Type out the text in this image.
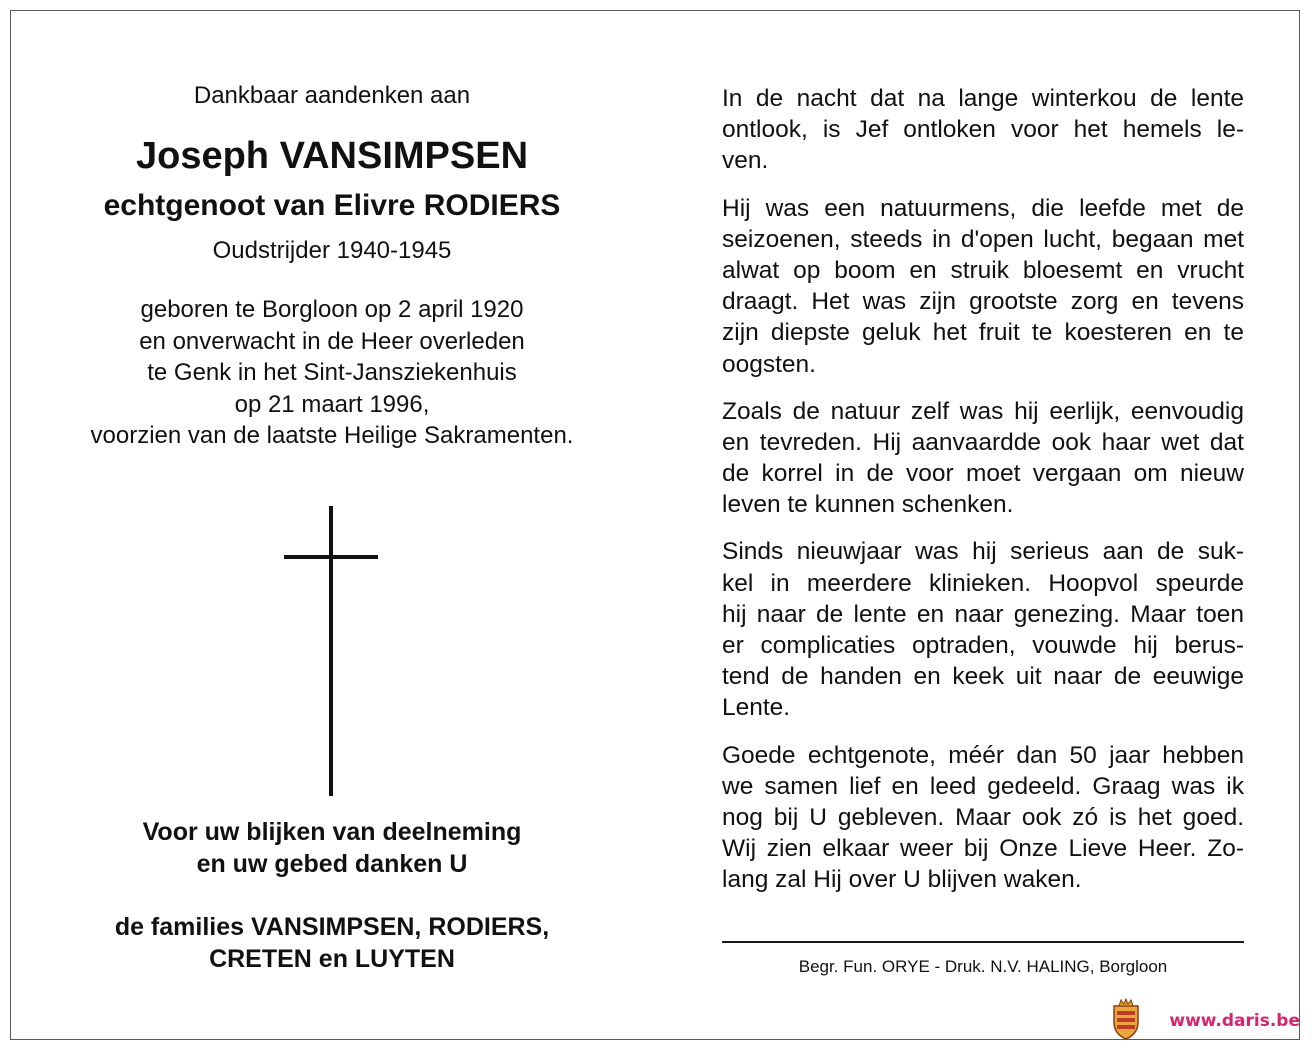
Dankbaar aandenken aan
Joseph VANSIMPSEN
echtgenoot van Elivre RODIERS
Oudstrijder 1940-1945
geboren te Borgloon op 2 april 1920
en onverwacht in de Heer overleden
te Genk in het Sint-Jansziekenhuis
op 21 maart 1996,
voorzien van de laatste Heilige Sakramenten.
Voor uw blijken van deelneming
en uw gebed danken U
de families VANSIMPSEN, RODIERS,
CRETEN en LUYTEN
In de nacht dat na lange winterkou de lente
ontlook, is Jef ontloken voor het hemels le-
ven.
Hij was een natuurmens, die leefde met de
seizoenen, steeds in d'open lucht, begaan met
alwat op boom en struik bloesemt en vrucht
draagt. Het was zijn grootste zorg en tevens
zijn diepste geluk het fruit te koesteren en te
oogsten.
Zoals de natuur zelf was hij eerlijk, eenvoudig
en tevreden. Hij aanvaardde ook haar wet dat
de korrel in de voor moet vergaan om nieuw
leven te kunnen schenken.
Sinds nieuwjaar was hij serieus aan de suk-
kel in meerdere klinieken. Hoopvol speurde
hij naar de lente en naar genezing. Maar toen
er complicaties optraden, vouwde hij berus-
tend de handen en keek uit naar de eeuwige
Lente.
Goede echtgenote, méér dan 50 jaar hebben
we samen lief en leed gedeeld. Graag was ik
nog bij U gebleven. Maar ook zó is het goed.
Wij zien elkaar weer bij Onze Lieve Heer. Zo-
lang zal Hij over U blijven waken.
Begr. Fun. ORYE - Druk. N.V. HALING, Borgloon
www.daris.be
